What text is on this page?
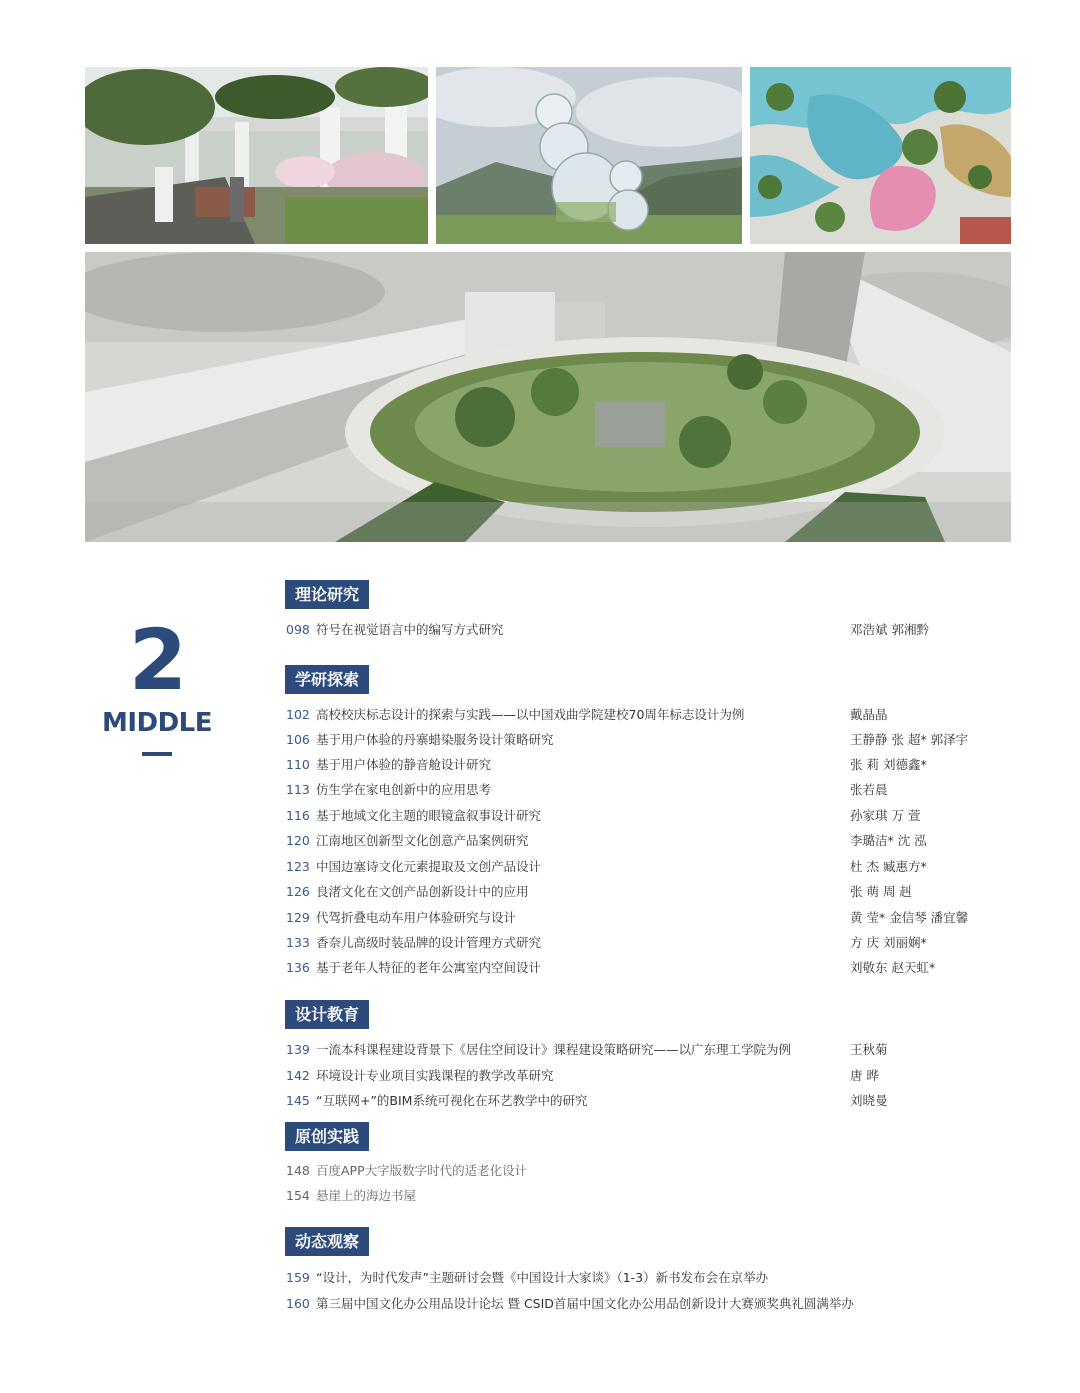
2
MIDDLE
理论研究
098 符号在视觉语言中的编写方式研究	邓浩斌 郭湘黔
学研探索
102 高校校庆标志设计的探索与实践——以中国戏曲学院建校70周年标志设计为例	戴晶晶
106 基于用户体验的丹寨蜡染服务设计策略研究	王静静 张 超* 郭泽宇
110 基于用户体验的静音舱设计研究	张 莉 刘德鑫*
113 仿生学在家电创新中的应用思考	张若晨
116 基于地域文化主题的眼镜盒叙事设计研究	孙家琪 万 萱
120 江南地区创新型文化创意产品案例研究	李璐洁* 沈 泓
123 中国边塞诗文化元素提取及文创产品设计	杜 杰 臧惠方*
126 良渚文化在文创产品创新设计中的应用	张 萌 周 赳
129 代驾折叠电动车用户体验研究与设计	黄 莹* 金信琴 潘宜馨
133 香奈儿高级时装品牌的设计管理方式研究	方 庆 刘丽娴*
136 基于老年人特征的老年公寓室内空间设计	刘敬东 赵天虹*
设计教育
139 一流本科课程建设背景下《居住空间设计》课程建设策略研究——以广东理工学院为例	王秋菊
142 环境设计专业项目实践课程的教学改革研究	唐 晔
145 “互联网+”的BIM系统可视化在环艺教学中的研究	刘晓曼
原创实践
148 百度APP大字版数字时代的适老化设计
154 悬崖上的海边书屋
动态观察
159 “设计，为时代发声”主题研讨会暨《中国设计大家谈》（1-3）新书发布会在京举办
160 第三届中国文化办公用品设计论坛 暨 CSID首届中国文化办公用品创新设计大赛颁奖典礼圆满举办
